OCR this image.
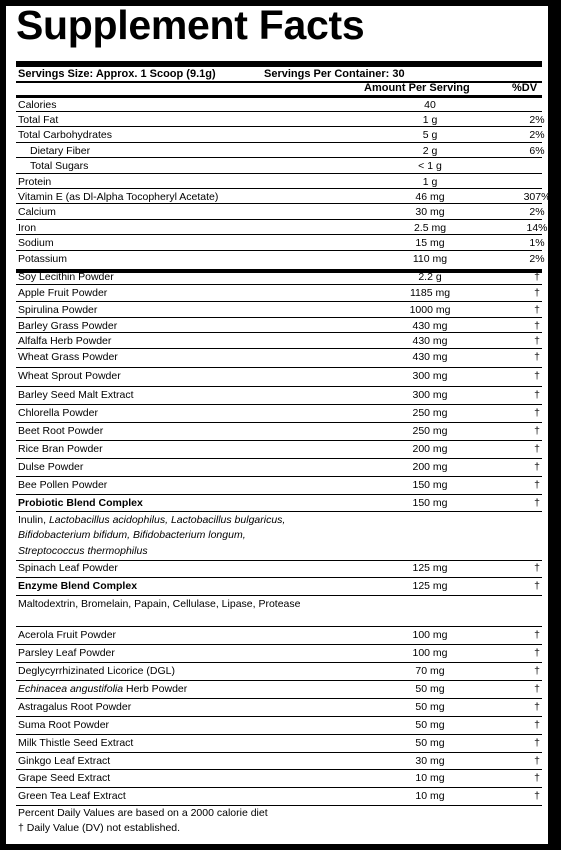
Supplement Facts
Servings Size: Approx. 1 Scoop (9.1g)	Servings Per Container: 30
Amount Per Serving	%DV
Calories	40
Total Fat	1 g	2%
Total Carbohydrates	5 g	2%
Dietary Fiber	2 g	6%
Total Sugars	< 1 g
Protein	1 g
Vitamin E (as Dl-Alpha Tocopheryl Acetate)	46 mg	307%
Calcium	30 mg	2%
Iron	2.5 mg	14%
Sodium	15 mg	1%
Potassium	110 mg	2%
Soy Lecithin Powder	2.2 g	†
Apple Fruit Powder	1185 mg	†
Spirulina Powder	1000 mg	†
Barley Grass Powder	430 mg	†
Alfalfa Herb Powder	430 mg	†
Wheat Grass Powder	430 mg	†
Wheat Sprout Powder	300 mg	†
Barley Seed Malt Extract	300 mg	†
Chlorella Powder	250 mg	†
Beet Root Powder	250 mg	†
Rice Bran Powder	200 mg	†
Dulse Powder	200 mg	†
Bee Pollen Powder	150 mg	†
Probiotic Blend Complex	150 mg	†
Inulin, Lactobacillus acidophilus, Lactobacillus bulgaricus,
Bifidobacterium bifidum, Bifidobacterium longum,
Streptococcus thermophilus
Spinach Leaf Powder	125 mg	†
Enzyme Blend Complex	125 mg	†
Maltodextrin, Bromelain, Papain, Cellulase, Lipase, Protease
Acerola Fruit Powder	100 mg	†
Parsley Leaf Powder	100 mg	†
Deglycyrrhizinated Licorice (DGL)	70 mg	†
Echinacea angustifolia Herb Powder	50 mg	†
Astragalus Root Powder	50 mg	†
Suma Root Powder	50 mg	†
Milk Thistle Seed Extract	50 mg	†
Ginkgo Leaf Extract	30 mg	†
Grape Seed Extract	10 mg	†
Green Tea Leaf Extract	10 mg	†
Percent Daily Values are based on a 2000 calorie diet
† Daily Value (DV) not established.
